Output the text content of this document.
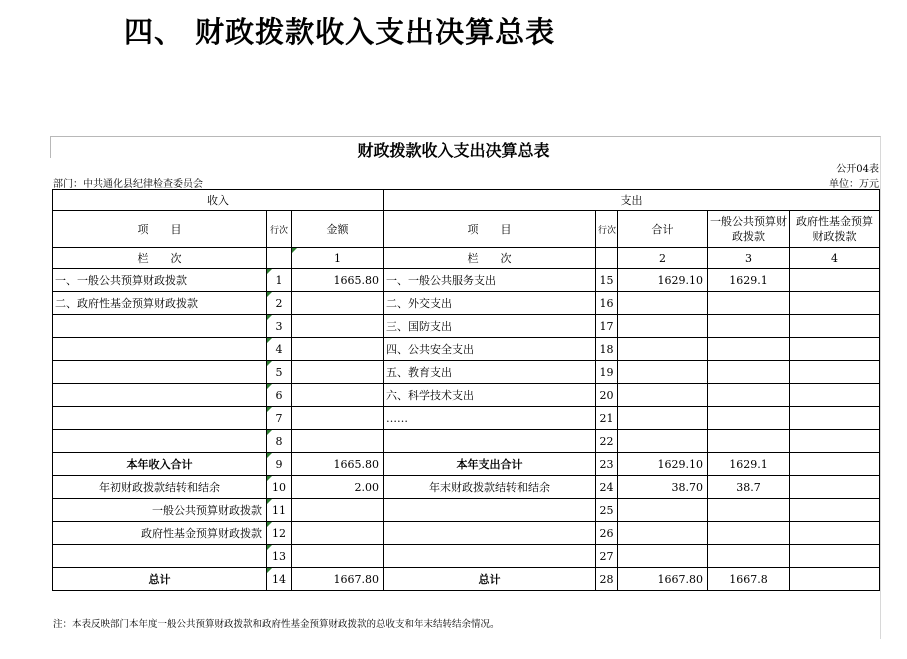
四、 财政拨款收入支出决算总表
财政拨款收入支出决算总表
公开04表
部门：中共通化县纪律检查委员会	单位：万元
收入			支出				
项　　目	行次	金额	项　　目	行次	合计	一般公共预算财政拨款	政府性基金预算财政拨款
栏　　次		1	栏　　次		2	3	4
一、一般公共预算财政拨款	1	1665.80	一、一般公共服务支出	15	1629.10	1629.1	
二、政府性基金预算财政拨款	2		二、外交支出	16			
	3		三、国防支出	17			
	4		四、公共安全支出	18			
	5		五、教育支出	19			
	6		六、科学技术支出	20			
	7		……	21			
	8			22			
本年收入合计	9	1665.80	本年支出合计	23	1629.10	1629.1	
年初财政拨款结转和结余	10	2.00	年末财政拨款结转和结余	24	38.70	38.7	
一般公共预算财政拨款	11			25			
政府性基金预算财政拨款	12			26			
	13			27			
总计	14	1667.80	总计	28	1667.80	1667.8	
注：本表反映部门本年度一般公共预算财政拨款和政府性基金预算财政拨款的总收支和年末结转结余情况。
